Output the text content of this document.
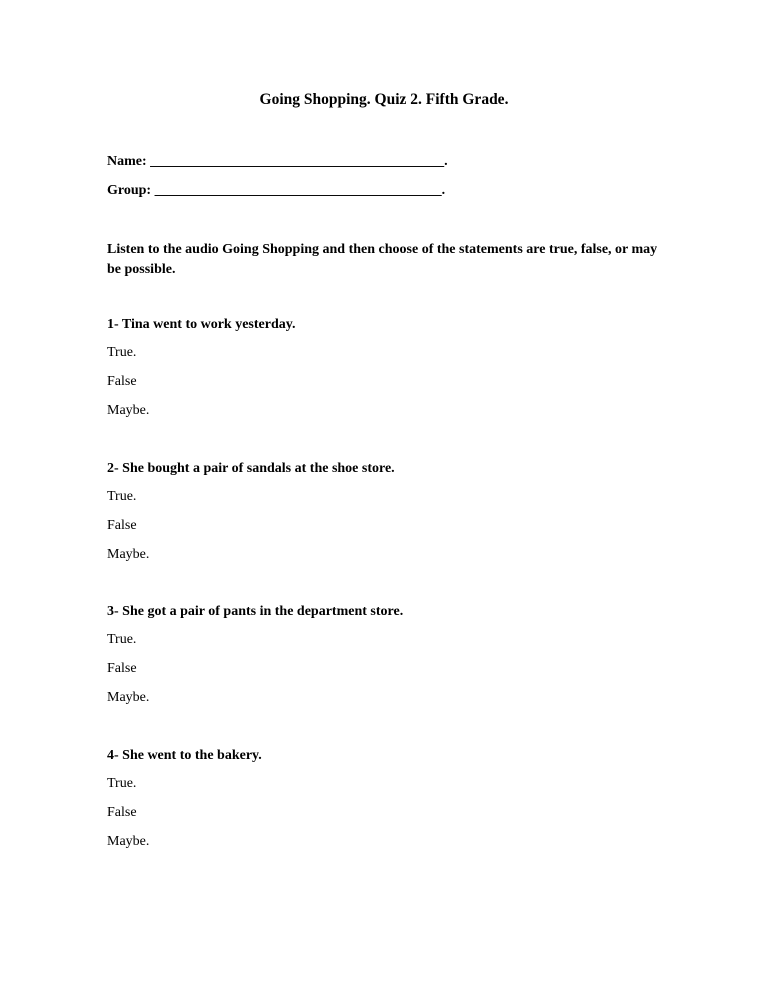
Going Shopping. Quiz 2. Fifth Grade.
Name: __________________________________________.
Group: _________________________________________.
Listen to the audio Going Shopping and then choose of the statements are true, false, or may be possible.
1- Tina went to work yesterday.
True.
False
Maybe.
2- She bought a pair of sandals at the shoe store.
True.
False
Maybe.
3- She got a pair of pants in the department store.
True.
False
Maybe.
4- She went to the bakery.
True.
False
Maybe.
